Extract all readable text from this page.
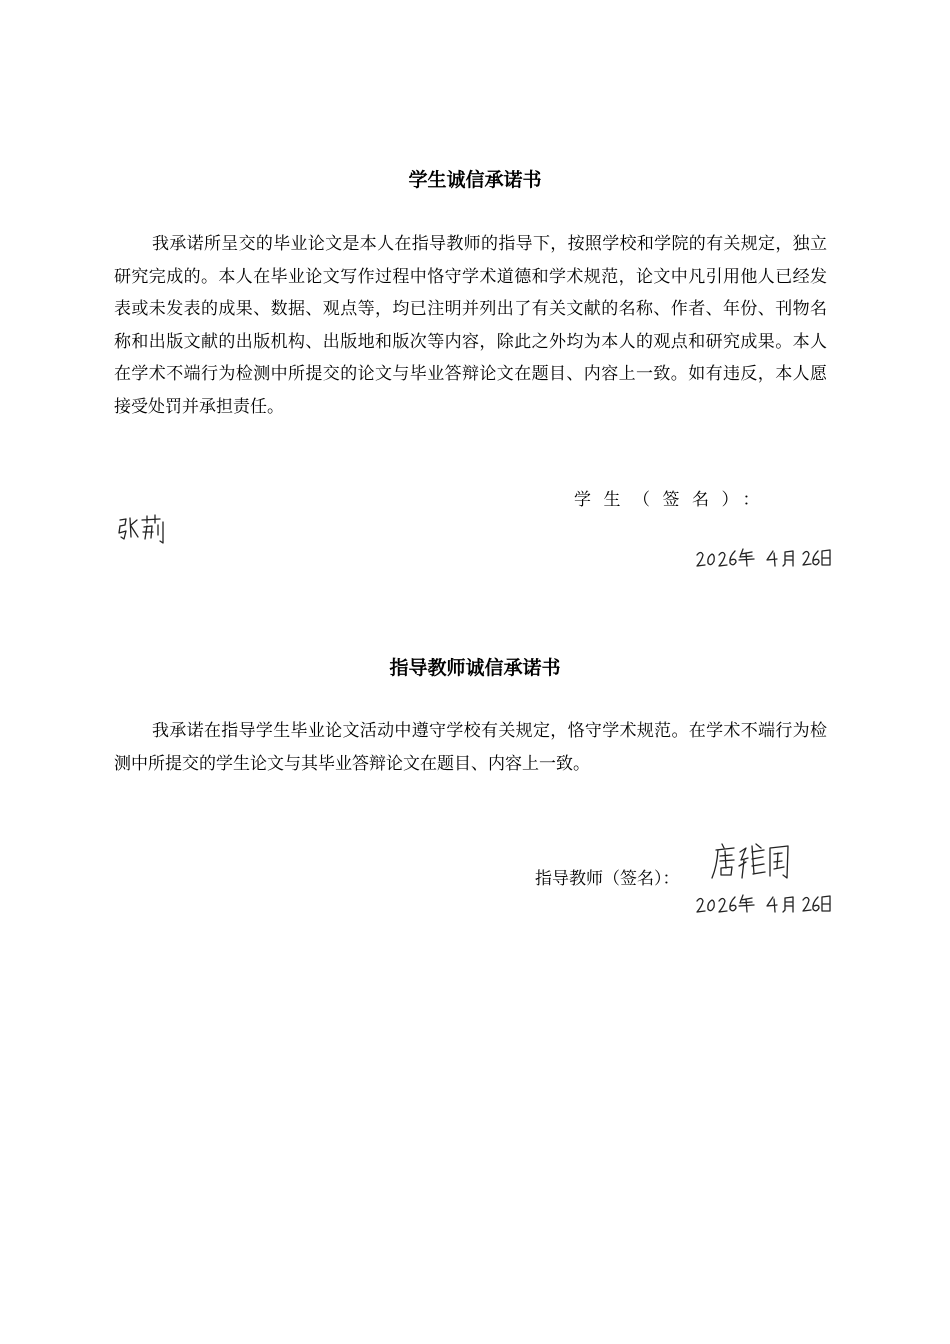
学生诚信承诺书

我承诺所呈交的毕业论文是本人在指导教师的指导下，按照学校和学院的有关规定，独立研究完成的。本人在毕业论文写作过程中恪守学术道德和学术规范，论文中凡引用他人已经发表或未发表的成果、数据、观点等，均已注明并列出了有关文献的名称、作者、年份、刊物名称和出版文献的出版机构、出版地和版次等内容，除此之外均为本人的观点和研究成果。本人在学术不端行为检测中所提交的论文与毕业答辩论文在题目、内容上一致。如有违反，本人愿接受处罚并承担责任。

学生（签名）：
指导教师诚信承诺书

我承诺在指导学生毕业论文活动中遵守学校有关规定，恪守学术规范。在学术不端行为检测中所提交的学生论文与其毕业答辩论文在题目、内容上一致。

指导教师（签名）：
